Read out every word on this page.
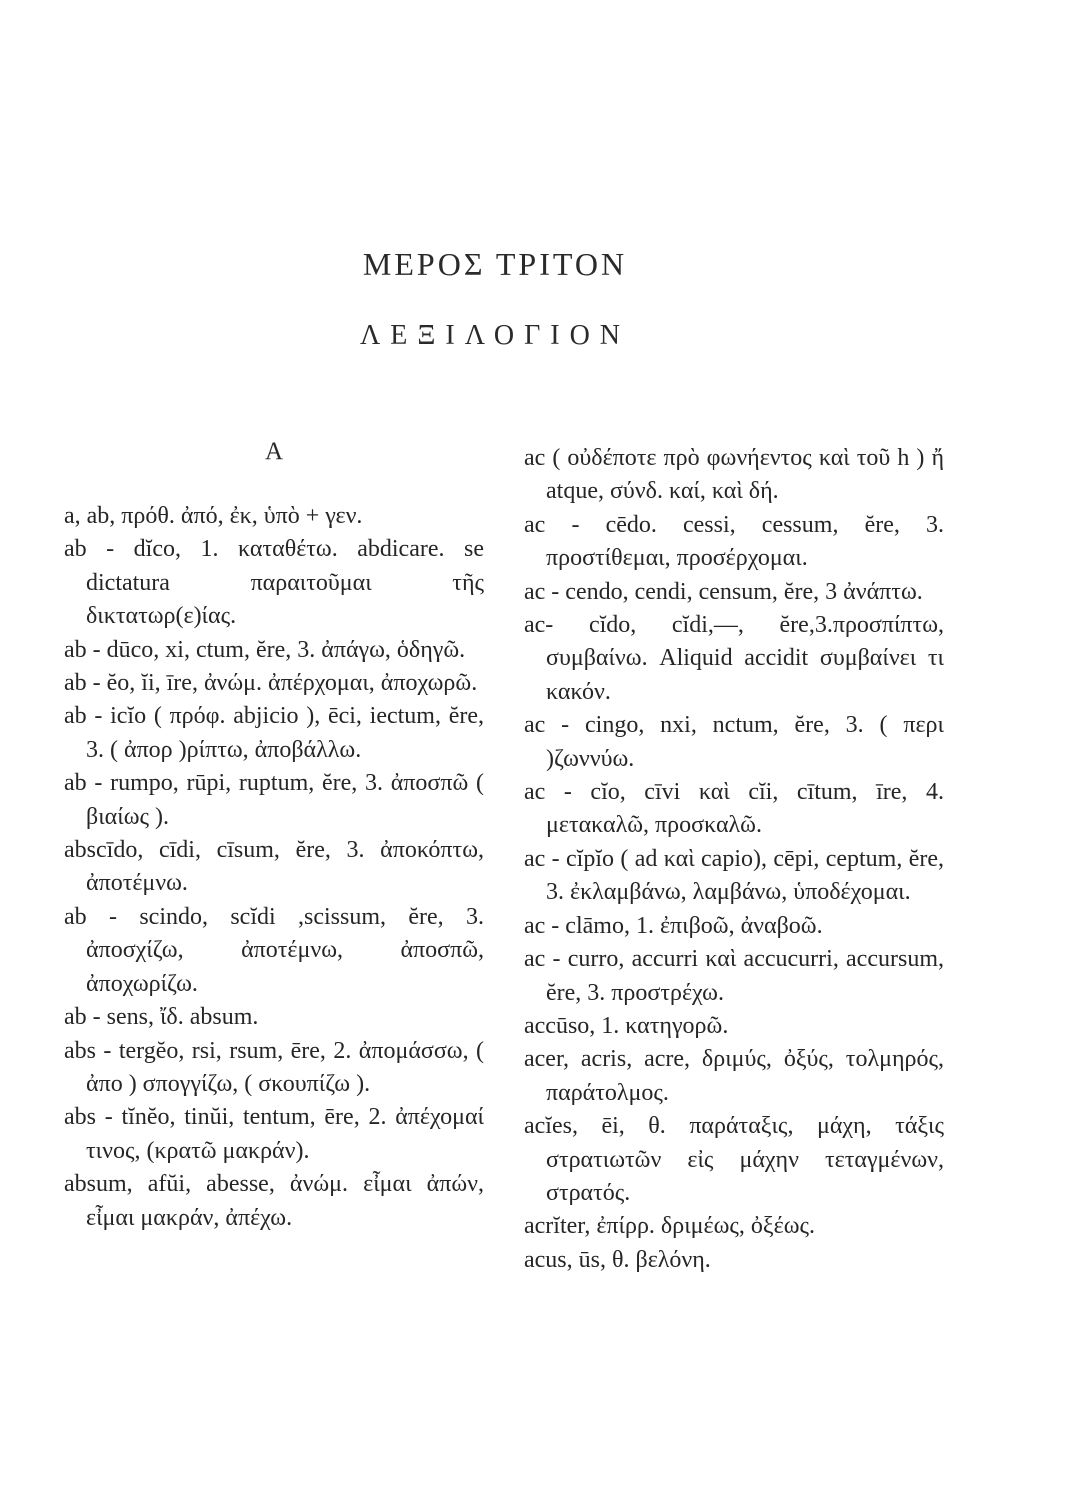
ΜΕΡΟΣ ΤΡΙΤΟΝ
ΛΕΞΙΛΟΓΙΟΝ
Α

a, ab, πρόθ. ἀπό, ἐκ, ὑπὸ + γεν.

ab - dĭco, 1. καταθέτω. abdicare. se dictatura παραιτοῦμαι τῆς δικτατωρ(ε)ίας.

ab - dūco, xi, ctum, ĕre, 3. ἀπάγω, ὁδηγῶ.

ab - ĕo, ĭi, īre, ἀνώμ. ἀπέρχομαι, ἀποχωρῶ.

ab - icĭo ( πρόφ. abjicio ), ēci, iectum, ĕre, 3. ( ἀπορ )ρίπτω, ἀποβάλλω.

ab - rumpo, rūpi, ruptum, ĕre, 3. ἀποσπῶ ( βιαίως ).

abscīdo, cīdi, cīsum, ĕre, 3. ἀποκόπτω, ἀποτέμνω.

ab - scindo, scĭdi ,scissum, ĕre, 3. ἀποσχίζω, ἀποτέμνω, ἀποσπῶ, ἀποχωρίζω.

ab - sens, ἴδ. absum.

abs - tergĕo, rsi, rsum, ēre, 2. ἀπομάσσω, ( ἀπο ) σπογγίζω, ( σκουπίζω ).

abs - tĭnĕo, tinŭi, tentum, ēre, 2. ἀπέχομαί τινος, (κρατῶ μακράν).

absum, afŭi, abesse, ἀνώμ. εἶμαι ἀπών, εἶμαι μακράν, ἀπέχω.

ac ( οὐδέποτε πρὸ φωνήεντος καὶ τοῦ h ) ἤ atque, σύνδ. καί, καὶ δή.

ac - cēdo. cessi, cessum, ĕre, 3. προστίθεμαι, προσέρχομαι.

ac - cendo, cendi, censum, ĕre, 3 ἀνάπτω.

ac- cĭdo, cĭdi,—, ĕre,3.προσπίπτω, συμβαίνω. Aliquid accidit συμβαίνει τι κακόν.

ac - cingo, nxi, nctum, ĕre, 3. ( περι )ζωννύω.

ac - cĭo, cīvi καὶ cĭi, cītum, īre, 4. μετακαλῶ, προσκαλῶ.

ac - cĭpĭo ( ad καὶ capio), cēpi, ceptum, ĕre, 3. ἐκλαμβάνω, λαμβάνω, ὑποδέχομαι.

ac - clāmo, 1. ἐπιβοῶ, ἀναβοῶ.

ac - curro, accurri καὶ accucurri, accursum, ĕre, 3. προστρέχω.

accūso, 1. κατηγορῶ.

acer, acris, acre, δριμύς, ὀξύς, τολμηρός, παράτολμος.

acĭes, ēi, θ. παράταξις, μάχη, τάξις στρατιωτῶν εἰς μάχην τεταγμένων, στρατός.

acrĭter, ἐπίρρ. δριμέως, ὀξέως.

acus, ūs, θ. βελόνη.
